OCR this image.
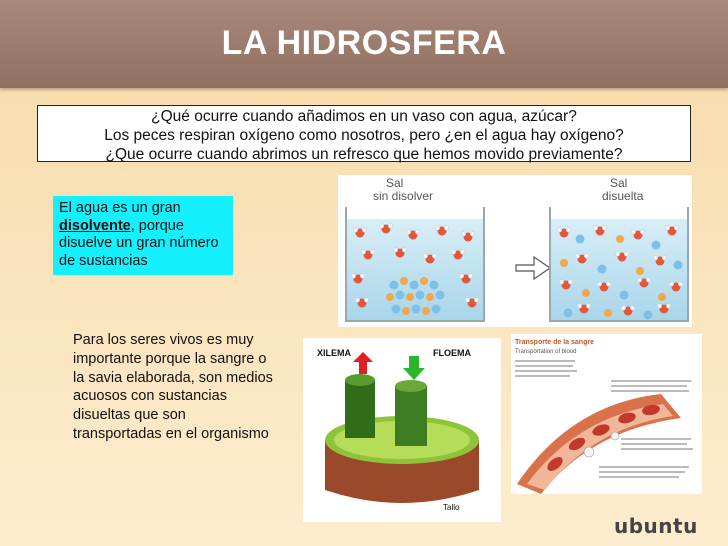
LA HIDROSFERA
¿Qué ocurre cuando añadimos en un vaso con agua, azúcar?
Los peces respiran oxígeno como nosotros, pero ¿en el agua hay oxígeno?
¿Que ocurre cuando abrimos un refresco que hemos movido previamente?
El agua es un gran disolvente, porque disuelve un gran número de sustancias
Para los seres vivos es muy importante porque la sangre o la savia elaborada, son medios acuosos con sustancias disueltas que son transportadas en el organismo
Sal
sin disolver
Sal
disuelta
XILEMA	FLOEMA
Tallo
Transporte de la sangre
Transportation of blood
ubuntu
